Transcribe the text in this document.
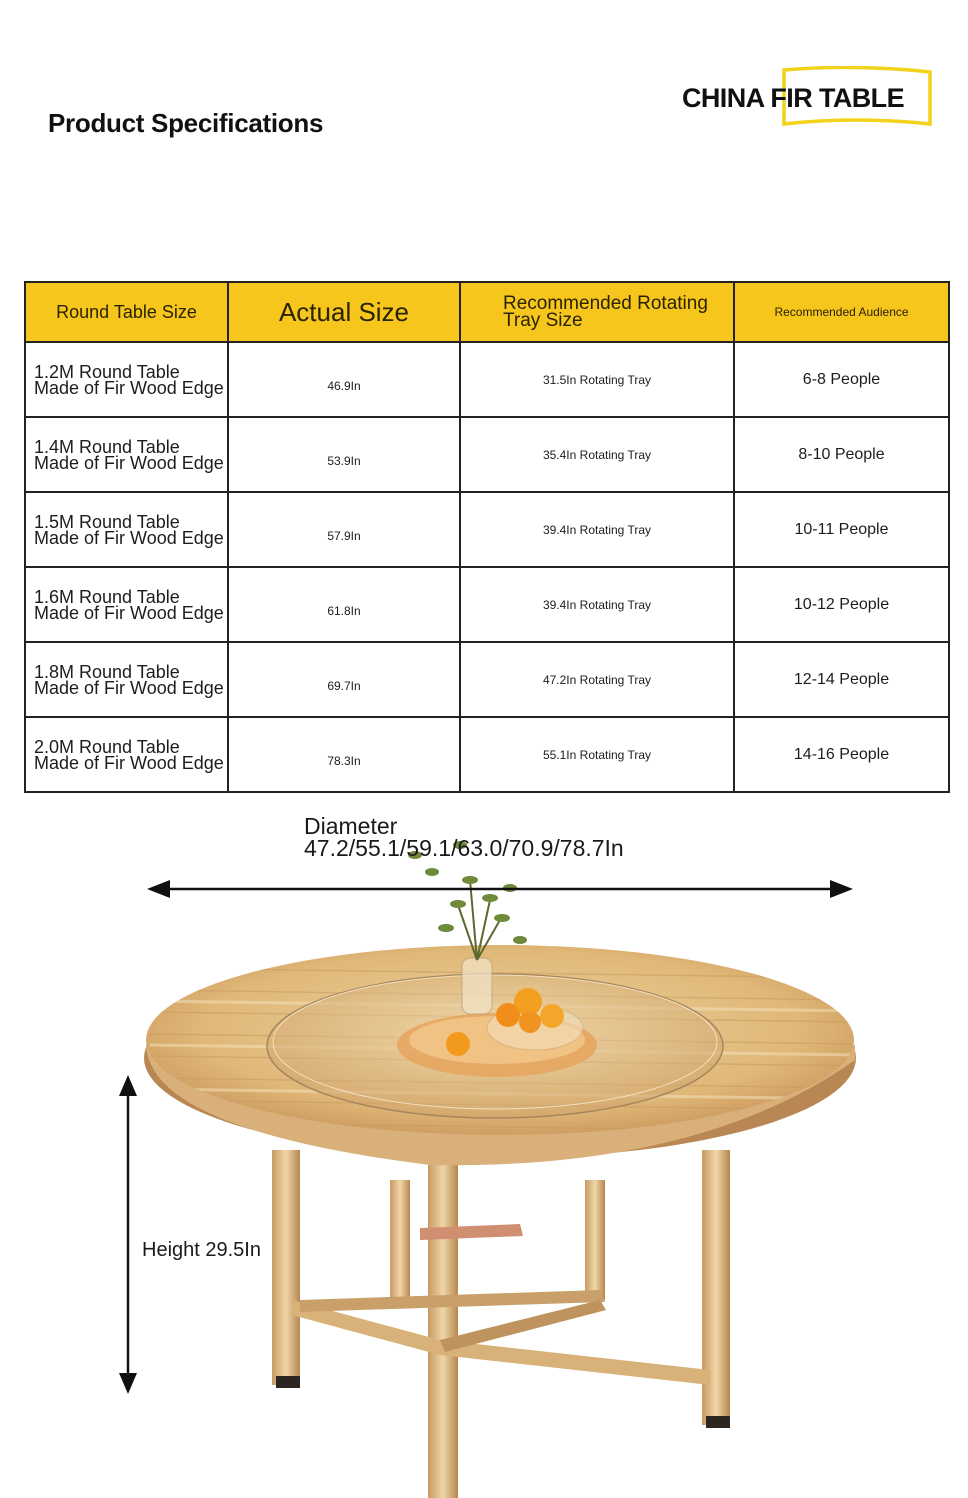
Product Specifications
CHINA FIR TABLE
Round Table Size	Actual Size	Recommended Rotating Tray Size	Recommended Audience
1.2M Round Table Made of Fir Wood Edge	46.9In	31.5In Rotating Tray	6-8 People
1.4M Round Table Made of Fir Wood Edge	53.9In	35.4In Rotating Tray	8-10 People
1.5M Round Table Made of Fir Wood Edge	57.9In	39.4In Rotating Tray	10-11 People
1.6M Round Table Made of Fir Wood Edge	61.8In	39.4In Rotating Tray	10-12 People
1.8M Round Table Made of Fir Wood Edge	69.7In	47.2In Rotating Tray	12-14 People
2.0M Round Table Made of Fir Wood Edge	78.3In	55.1In Rotating Tray	14-16 People
Diameter
47.2/55.1/59.1/63.0/70.9/78.7In
Height 29.5In
